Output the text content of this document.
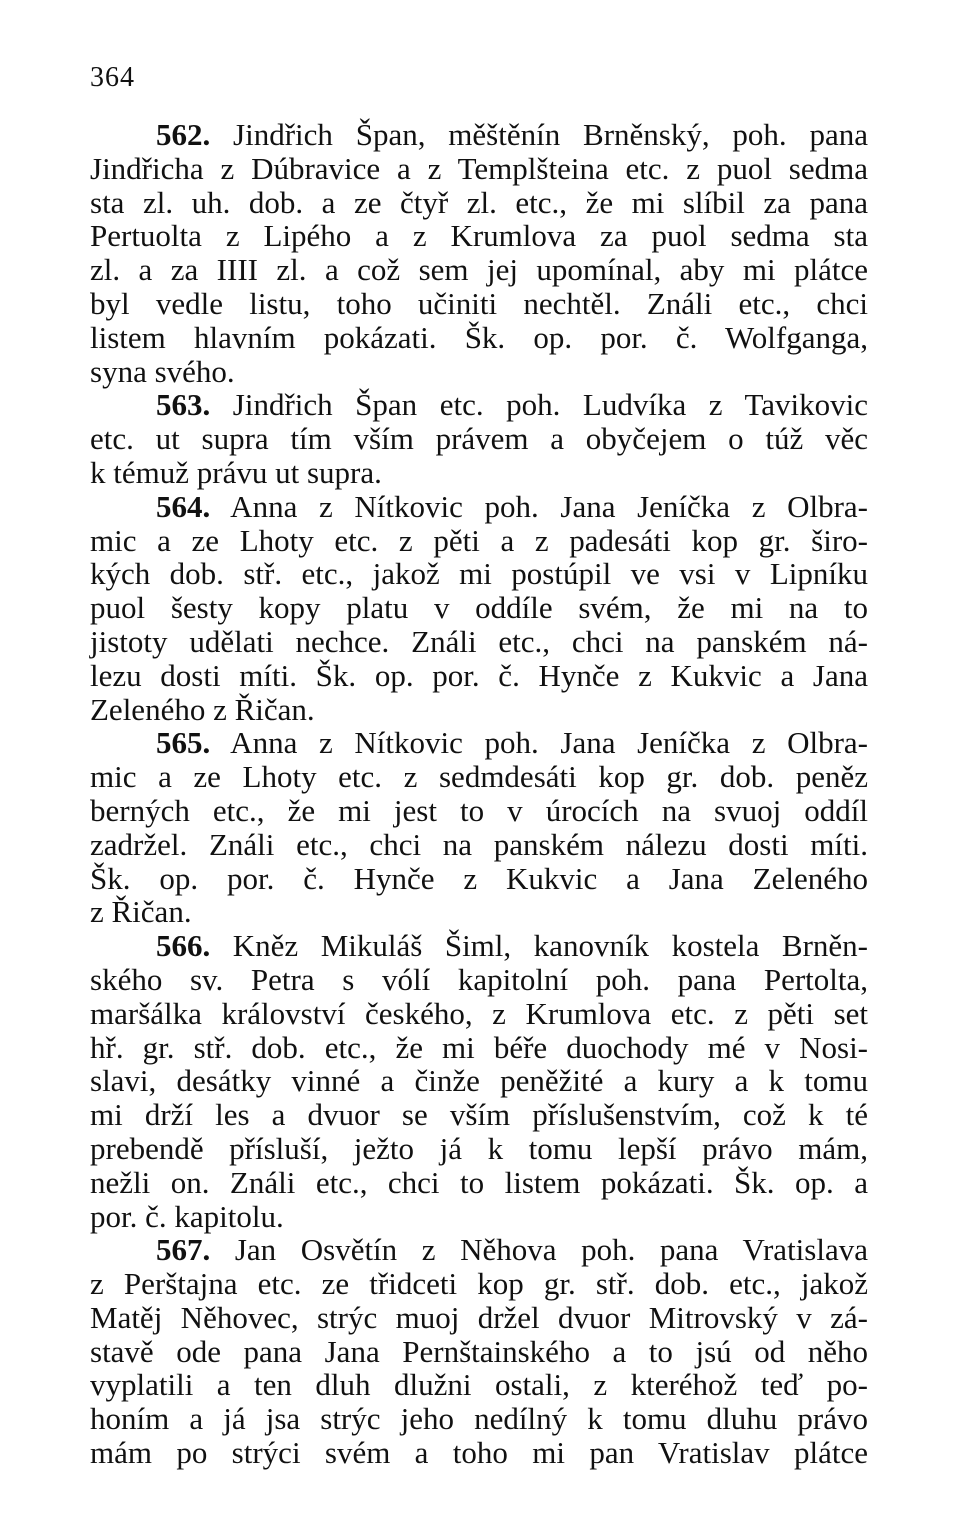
364
562. Jindřich Špan, měštěnín Brněnský, poh. pana
Jindřicha z Dúbravice a z Templšteina etc. z puol sedma
sta zl. uh. dob. a ze čtyř zl. etc., že mi slíbil za pana
Pertuolta z Lipého a z Krumlova za puol sedma sta
zl. a za IIII zl. a což sem jej upomínal, aby mi plátce
byl vedle listu, toho učiniti nechtěl. Ználi etc., chci
listem hlavním pokázati. Šk. op. por. č. Wolfganga,
syna svého.
563. Jindřich Špan etc. poh. Ludvíka z Tavikovic
etc. ut supra tím vším právem a obyčejem o túž věc
k témuž právu ut supra.
564. Anna z Nítkovic poh. Jana Jeníčka z Olbra-
mic a ze Lhoty etc. z pěti a z padesáti kop gr. širo-
kých dob. stř. etc., jakož mi postúpil ve vsi v Lipníku
puol šesty kopy platu v oddíle svém, že mi na to
jistoty udělati nechce. Ználi etc., chci na panském ná-
lezu dosti míti. Šk. op. por. č. Hynče z Kukvic a Jana
Zeleného z Řičan.
565. Anna z Nítkovic poh. Jana Jeníčka z Olbra-
mic a ze Lhoty etc. z sedmdesáti kop gr. dob. peněz
berných etc., že mi jest to v úrocích na svuoj oddíl
zadržel. Ználi etc., chci na panském nálezu dosti míti.
Šk. op. por. č. Hynče z Kukvic a Jana Zeleného
z Řičan.
566. Kněz Mikuláš Šiml, kanovník kostela Brněn-
ského sv. Petra s vólí kapitolní poh. pana Pertolta,
maršálka království českého, z Krumlova etc. z pěti set
hř. gr. stř. dob. etc., že mi béře duochody mé v Nosi-
slavi, desátky vinné a činže peněžité a kury a k tomu
mi drží les a dvuor se vším příslušenstvím, což k té
prebendě přísluší, ježto já k tomu lepší právo mám,
nežli on. Ználi etc., chci to listem pokázati. Šk. op. a
por. č. kapitolu.
567. Jan Osvětín z Něhova poh. pana Vratislava
z Perštajna etc. ze třidceti kop gr. stř. dob. etc., jakož
Matěj Něhovec, strýc muoj držel dvuor Mitrovský v zá-
stavě ode pana Jana Pernštainského a to jsú od něho
vyplatili a ten dluh dlužni ostali, z kteréhož teď po-
honím a já jsa strýc jeho nedílný k tomu dluhu právo
mám po strýci svém a toho mi pan Vratislav plátce
